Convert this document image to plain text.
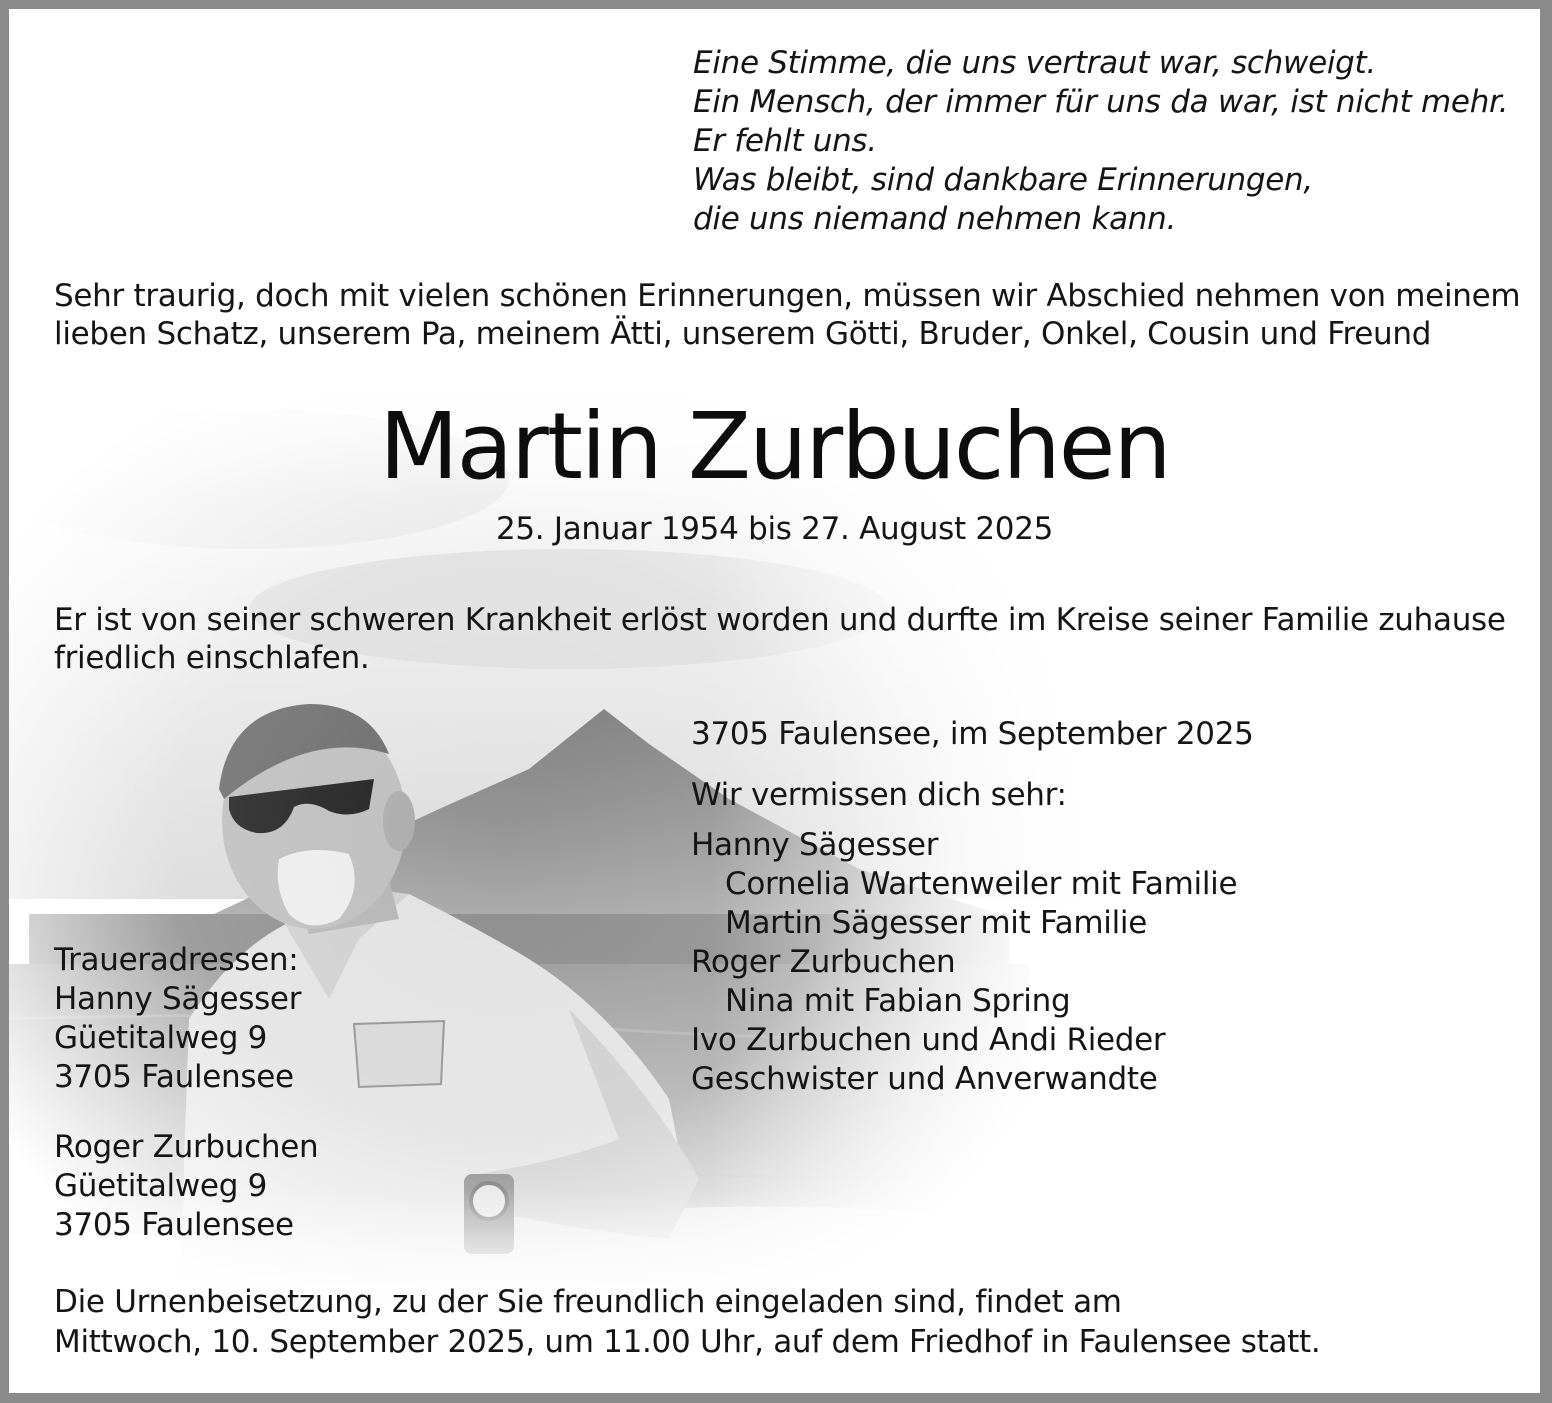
Eine Stimme, die uns vertraut war, schweigt.
Ein Mensch, der immer für uns da war, ist nicht mehr.
Er fehlt uns.
Was bleibt, sind dankbare Erinnerungen,
die uns niemand nehmen kann.
Sehr traurig, doch mit vielen schönen Erinnerungen, müssen wir Abschied nehmen von meinem
lieben Schatz, unserem Pa, meinem Ätti, unserem Götti, Bruder, Onkel, Cousin und Freund
Martin Zurbuchen
25. Januar 1954 bis 27. August 2025
Er ist von seiner schweren Krankheit erlöst worden und durfte im Kreise seiner Familie zuhause
friedlich einschlafen.
3705 Faulensee, im September 2025
Wir vermissen dich sehr:
Hanny Sägesser
Cornelia Wartenweiler mit Familie
Martin Sägesser mit Familie
Roger Zurbuchen
Nina mit Fabian Spring
Ivo Zurbuchen und Andi Rieder
Geschwister und Anverwandte
Traueradressen:
Hanny Sägesser
Güetitalweg 9
3705 Faulensee
Roger Zurbuchen
Güetitalweg 9
3705 Faulensee
Die Urnenbeisetzung, zu der Sie freundlich eingeladen sind, findet am
Mittwoch, 10. September 2025, um 11.00 Uhr, auf dem Friedhof in Faulensee statt.
